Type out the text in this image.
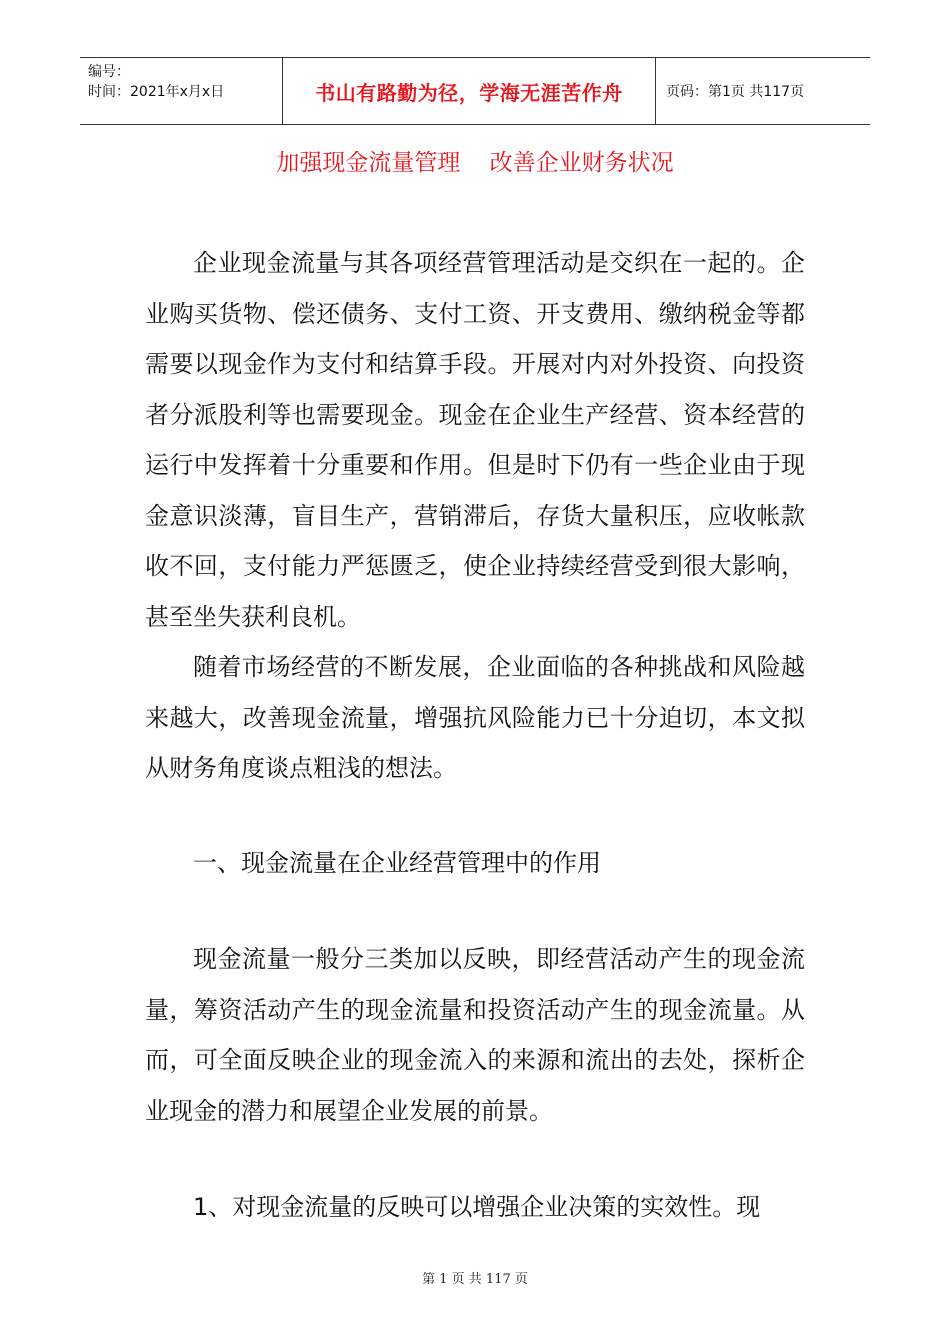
编号：
时间：2021年x月x日	书山有路勤为径，学海无涯苦作舟	页码：第1页 共117页
加强现金流量管理    改善企业财务状况

企业现金流量与其各项经营管理活动是交织在一起的。企业购买货物、偿还债务、支付工资、开支费用、缴纳税金等都需要以现金作为支付和结算手段。开展对内对外投资、向投资者分派股利等也需要现金。现金在企业生产经营、资本经营的运行中发挥着十分重要和作用。但是时下仍有一些企业由于现金意识淡薄，盲目生产，营销滞后，存货大量积压，应收帐款收不回，支付能力严惩匮乏，使企业持续经营受到很大影响，甚至坐失获利良机。

随着市场经营的不断发展，企业面临的各种挑战和风险越来越大，改善现金流量，增强抗风险能力已十分迫切，本文拟从财务角度谈点粗浅的想法。

一、现金流量在企业经营管理中的作用

现金流量一般分三类加以反映，即经营活动产生的现金流量，筹资活动产生的现金流量和投资活动产生的现金流量。从而，可全面反映企业的现金流入的来源和流出的去处，探析企业现金的潜力和展望企业发展的前景。

1、对现金流量的反映可以增强企业决策的实效性。现
第 1 页 共 117 页
